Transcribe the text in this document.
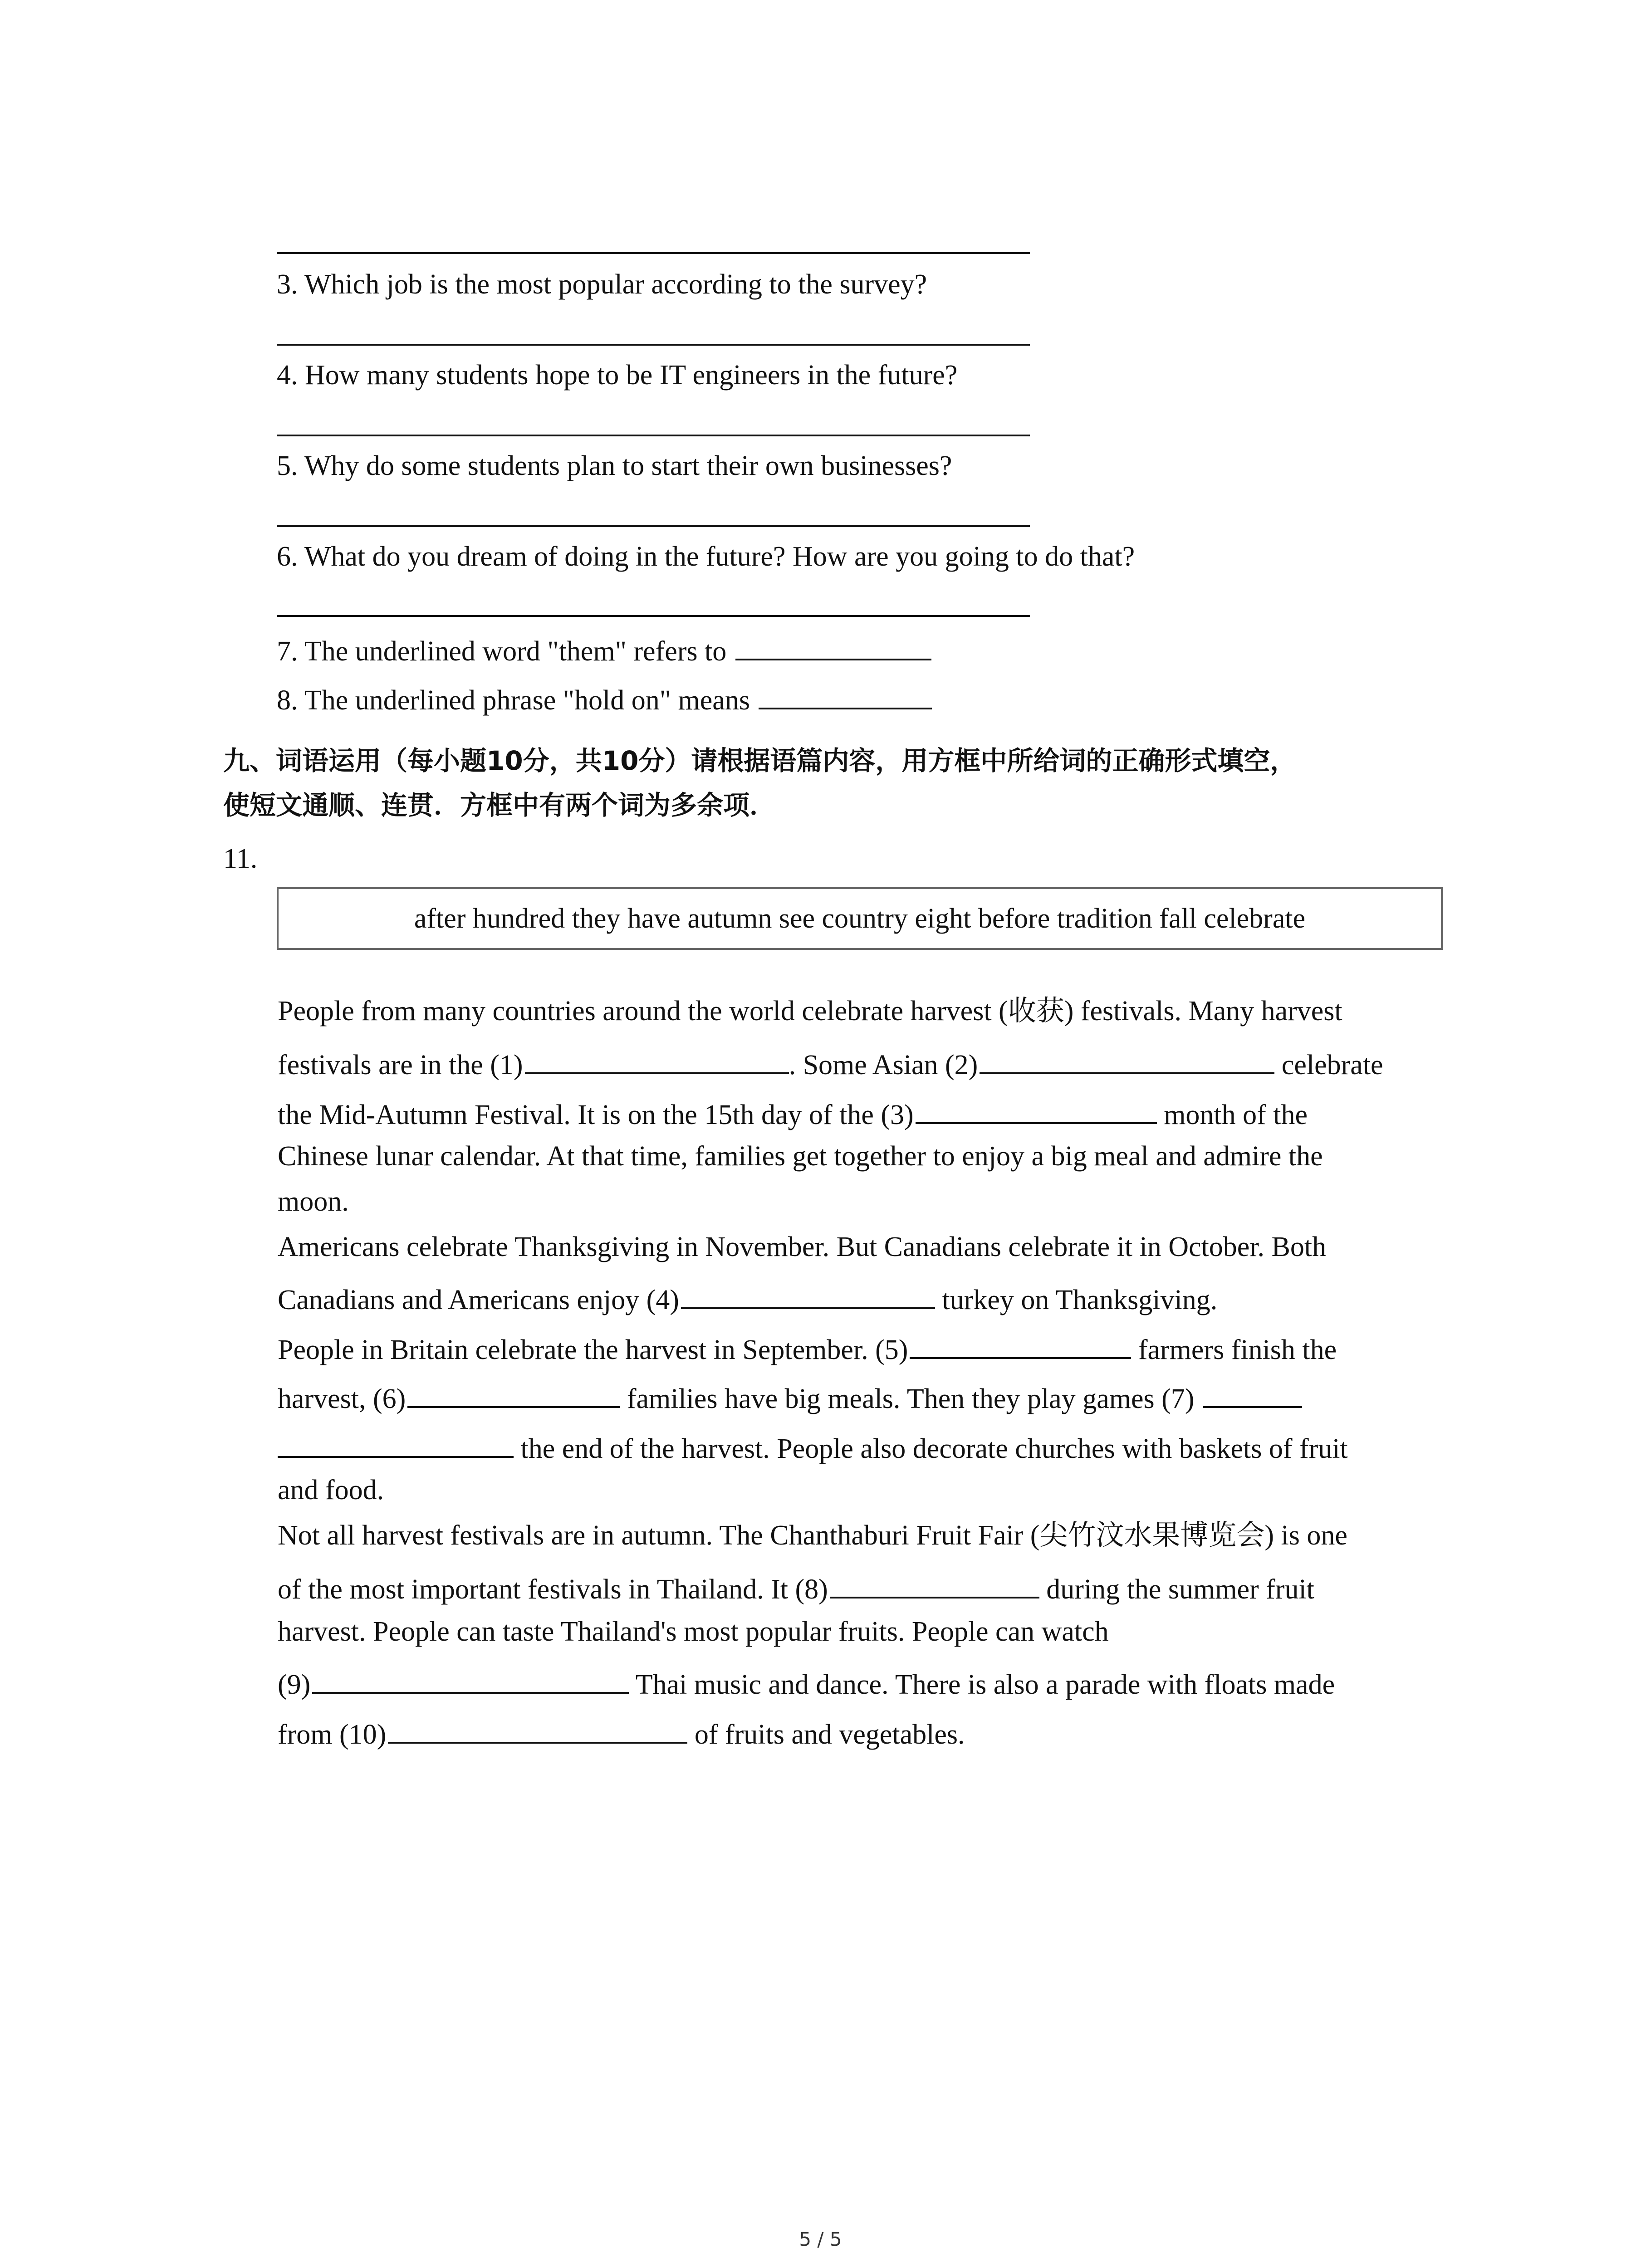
3. Which job is the most popular according to the survey?
4. How many students hope to be IT engineers in the future?
5. Why do some students plan to start their own businesses?
6. What do you dream of doing in the future? How are you going to do that?
7. The underlined word "them" refers to
8. The underlined phrase "hold on" means
九、词语运用（每小题10分，共10分）请根据语篇内容，用方框中所给词的正确形式填空，
使短文通顺、连贯．方框中有两个词为多余项．
11.
after hundred they have autumn see country eight before tradition fall celebrate
People from many countries around the world celebrate harvest (收获) festivals. Many harvest
festivals are in the (1)	. Some Asian (2)	celebrate
the Mid-Autumn Festival. It is on the 15th day of the (3)	month of the
Chinese lunar calendar. At that time, families get together to enjoy a big meal and admire the
moon.
Americans celebrate Thanksgiving in November. But Canadians celebrate it in October. Both
Canadians and Americans enjoy (4)	turkey on Thanksgiving.
People in Britain celebrate the harvest in September. (5)	farmers finish the
harvest, (6)	families have big meals. Then they play games (7)
the end of the harvest. People also decorate churches with baskets of fruit
and food.
Not all harvest festivals are in autumn. The Chanthaburi Fruit Fair (尖竹汶水果博览会) is one
of the most important festivals in Thailand. It (8)	during the summer fruit
harvest. People can taste Thailand's most popular fruits. People can watch
(9)	Thai music and dance. There is also a parade with floats made
from (10)	of fruits and vegetables.
5 / 5
